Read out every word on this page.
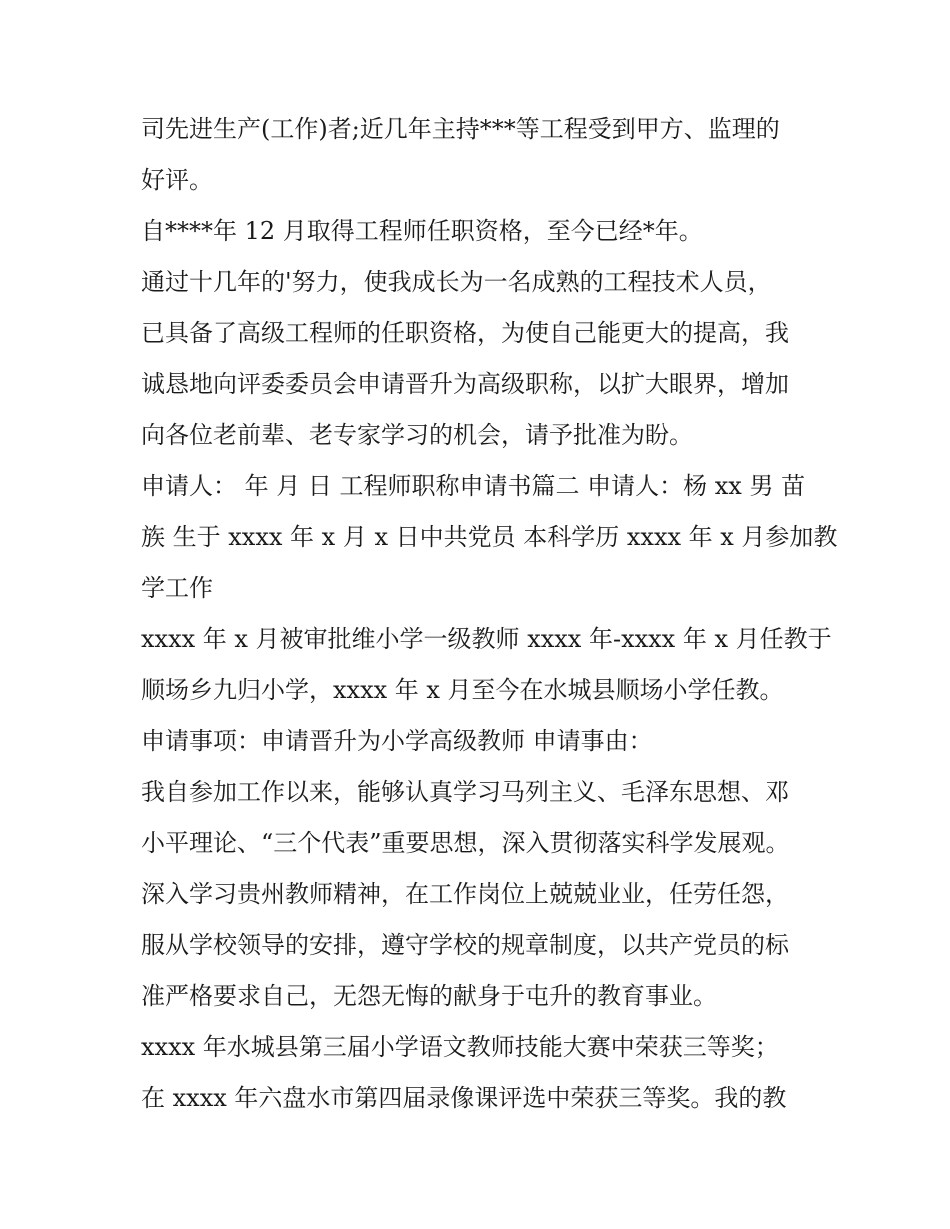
司先进生产(工作)者;近几年主持***等工程受到甲方、监理的
好评。
自****年 12 月取得工程师任职资格，至今已经*年。
通过十几年的'努力，使我成长为一名成熟的工程技术人员，
已具备了高级工程师的任职资格，为使自己能更大的提高，我
诚恳地向评委委员会申请晋升为高级职称，以扩大眼界，增加
向各位老前辈、老专家学习的机会，请予批准为盼。
申请人： 年 月 日 工程师职称申请书篇二 申请人：杨 xx 男 苗
族 生于 xxxx 年 x 月 x 日中共党员 本科学历 xxxx 年 x 月参加教
学工作
xxxx 年 x 月被审批维小学一级教师 xxxx 年-xxxx 年 x 月任教于
顺场乡九归小学，xxxx 年 x 月至今在水城县顺场小学任教。
申请事项：申请晋升为小学高级教师 申请事由：
我自参加工作以来，能够认真学习马列主义、毛泽东思想、邓
小平理论、“三个代表”重要思想，深入贯彻落实科学发展观。
深入学习贵州教师精神，在工作岗位上兢兢业业，任劳任怨，
服从学校领导的安排，遵守学校的规章制度，以共产党员的标
准严格要求自己，无怨无悔的献身于屯升的教育事业。
xxxx 年水城县第三届小学语文教师技能大赛中荣获三等奖；
在 xxxx 年六盘水市第四届录像课评选中荣获三等奖。我的教
